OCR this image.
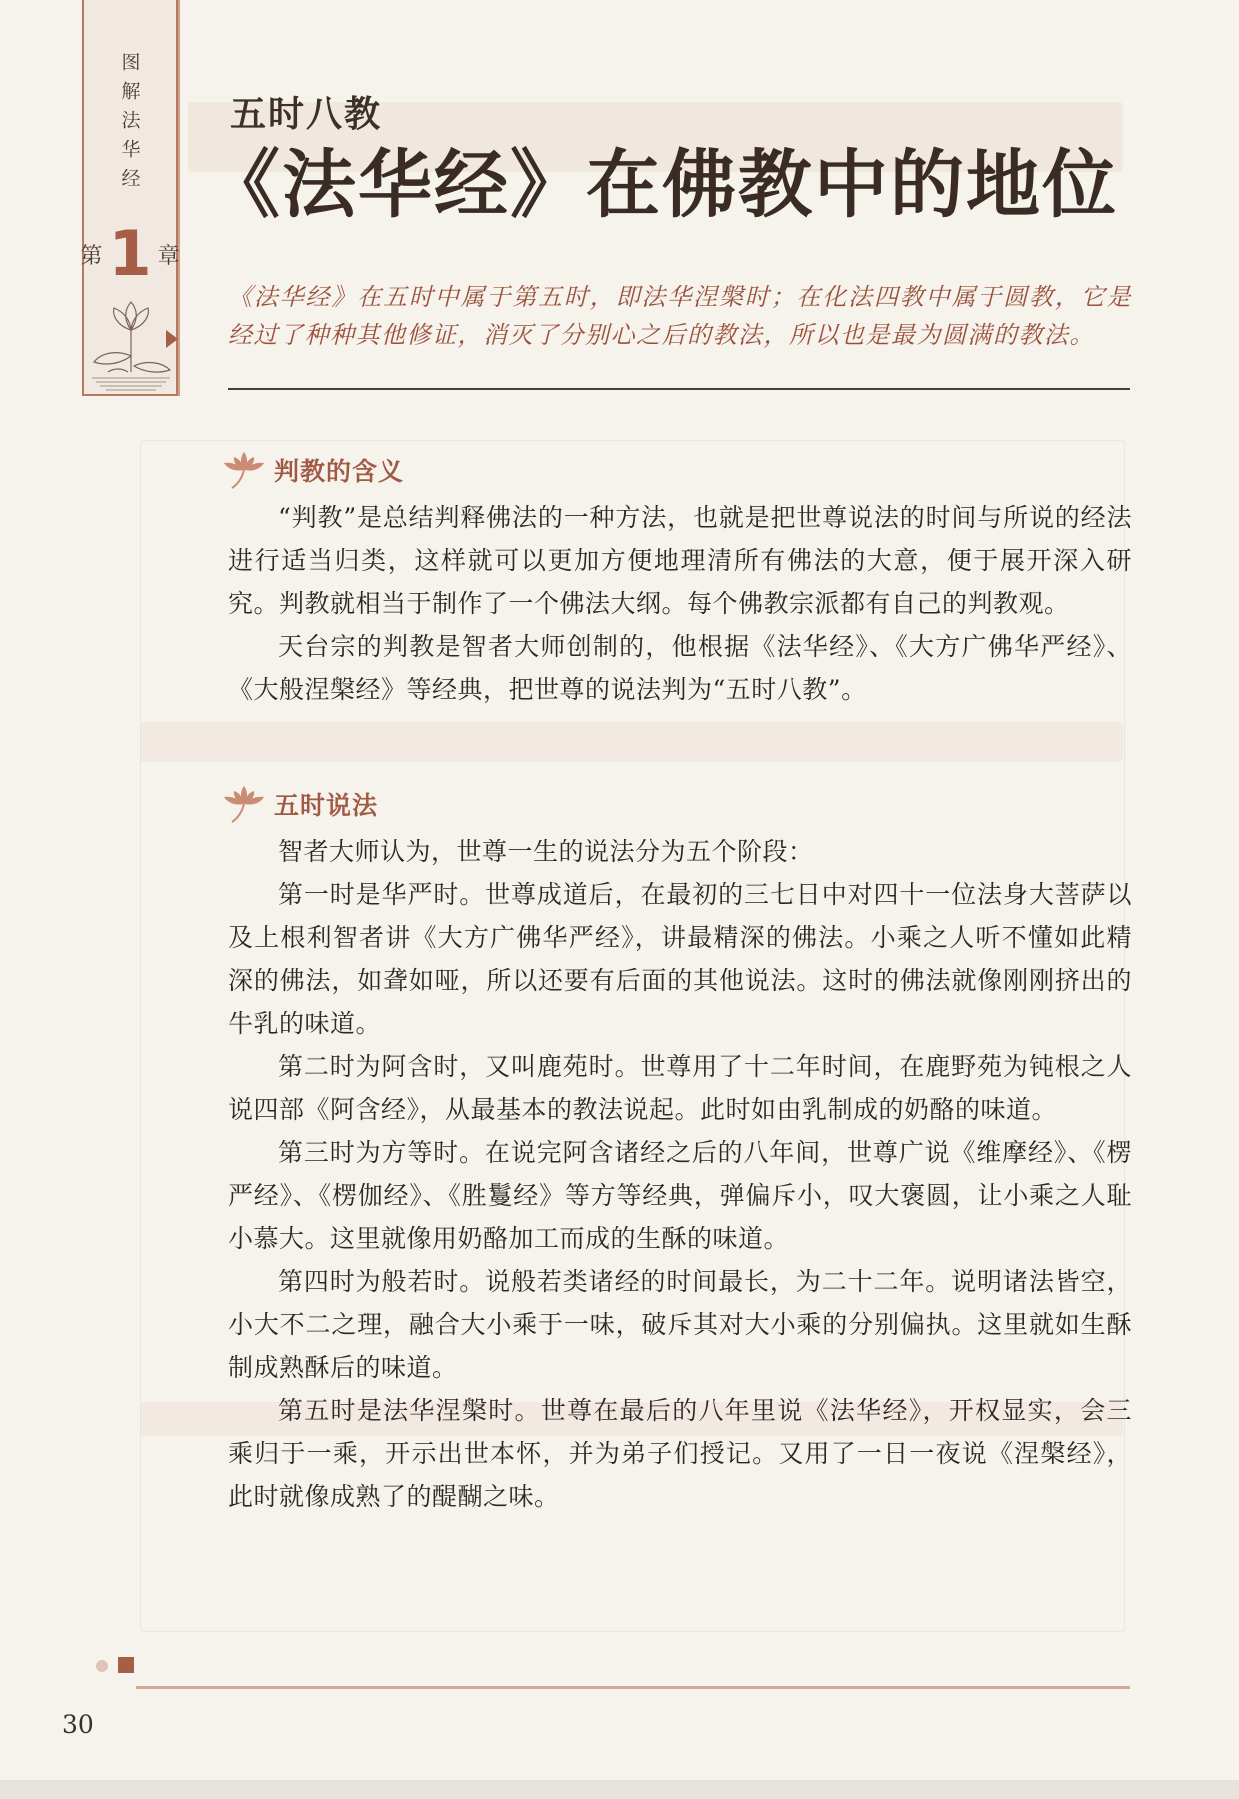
图解法华经
第 1 章
五时八教
《法华经》在佛教中的地位
《法华经》在五时中属于第五时，即法华涅槃时；在化法四教中属于圆教，它是经过了种种其他修证，消灭了分别心之后的教法，所以也是最为圆满的教法。
判教的含义

“判教”是总结判释佛法的一种方法，也就是把世尊说法的时间与所说的经法进行适当归类，这样就可以更加方便地理清所有佛法的大意，便于展开深入研究。判教就相当于制作了一个佛法大纲。每个佛教宗派都有自己的判教观。

天台宗的判教是智者大师创制的，他根据《法华经》、《大方广佛华严经》、《大般涅槃经》等经典，把世尊的说法判为“五时八教”。

五时说法

智者大师认为，世尊一生的说法分为五个阶段：

第一时是华严时。世尊成道后，在最初的三七日中对四十一位法身大菩萨以及上根利智者讲《大方广佛华严经》，讲最精深的佛法。小乘之人听不懂如此精深的佛法，如聋如哑，所以还要有后面的其他说法。这时的佛法就像刚刚挤出的牛乳的味道。

第二时为阿含时，又叫鹿苑时。世尊用了十二年时间，在鹿野苑为钝根之人说四部《阿含经》，从最基本的教法说起。此时如由乳制成的奶酪的味道。

第三时为方等时。在说完阿含诸经之后的八年间，世尊广说《维摩经》、《楞严经》、《楞伽经》、《胜鬘经》等方等经典，弹偏斥小，叹大褒圆，让小乘之人耻小慕大。这里就像用奶酪加工而成的生酥的味道。

第四时为般若时。说般若类诸经的时间最长，为二十二年。说明诸法皆空，小大不二之理，融合大小乘于一味，破斥其对大小乘的分别偏执。这里就如生酥制成熟酥后的味道。

第五时是法华涅槃时。世尊在最后的八年里说《法华经》，开权显实，会三乘归于一乘，开示出世本怀，并为弟子们授记。又用了一日一夜说《涅槃经》，此时就像成熟了的醍醐之味。

30
